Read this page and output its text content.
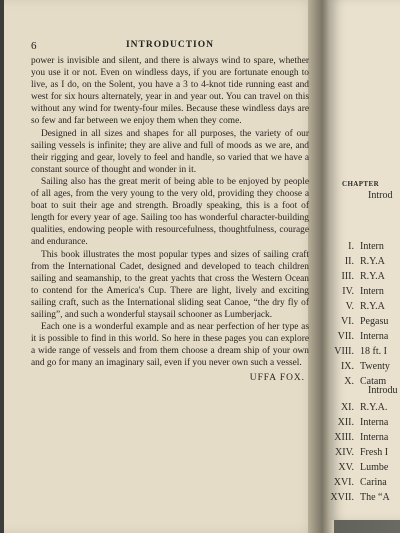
6	INTRODUCTION

power is invisible and silent, and there is always wind to spare, whether you use it or not. Even on windless days, if you are fortunate enough to live, as I do, on the Solent, you have a 3 to 4-knot tide running east and west for six hours alternately, year in and year out. You can travel on this without any wind for twenty-four miles. Because these windless days are so few and far between we enjoy them when they come.

Designed in all sizes and shapes for all purposes, the variety of our sailing vessels is infinite; they are alive and full of moods as we are, and their rigging and gear, lovely to feel and handle, so varied that we have a constant source of thought and wonder in it.

Sailing also has the great merit of being able to be enjoyed by people of all ages, from the very young to the very old, providing they choose a boat to suit their age and strength. Broadly speaking, this is a foot of length for every year of age. Sailing too has wonderful character-building qualities, endowing people with resourcefulness, thoughtfulness, courage and endurance.

This book illustrates the most popular types and sizes of sailing craft from the International Cadet, designed and developed to teach children sailing and seamanship, to the great yachts that cross the Western Ocean to contend for the America's Cup. There are light, lively and exciting sailing craft, such as the International sliding seat Canoe, “the dry fly of sailing”, and such a wonderful staysail schooner as Lumberjack.

Each one is a wonderful example and as near perfection of her type as it is possible to find in this world. So here in these pages you can explore a wide range of vessels and from them choose a dream ship of your own and go for many an imaginary sail, even if you never own such a vessel.

UFFA FOX.
CHAPTER
Introd
I. Intern
II. R.Y.A
III. R.Y.A
IV. Intern
V. R.Y.A
VI. Pegasu
VII. Interna
VIII. 18 ft. I
IX. Twenty
X. Catam
Introdu
XI. R.Y.A.
XII. Interna
XIII. Interna
XIV. Fresh I
XV. Lumbe
XVI. Carina
XVII. The “A
